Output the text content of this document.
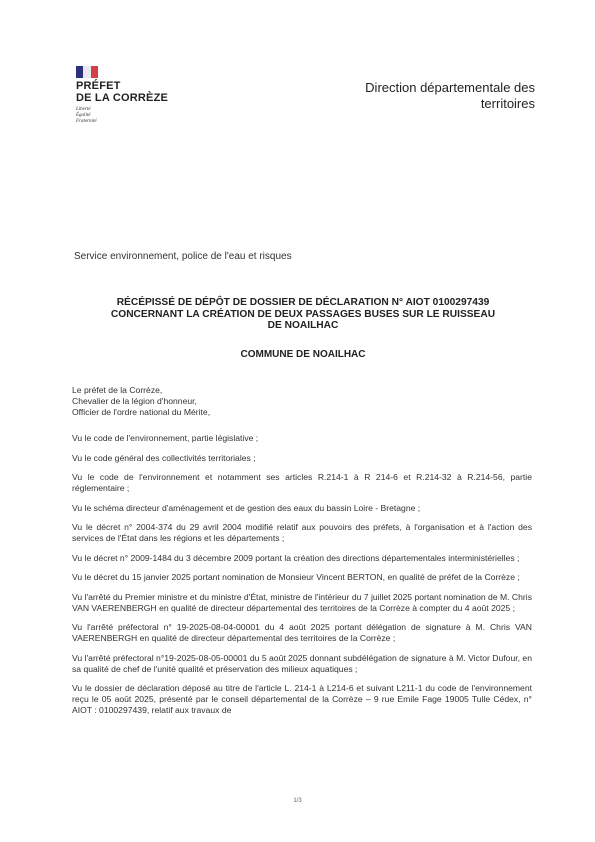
PRÉFET
DE LA CORRÈZE
Liberté
Égalité
Fraternité
Direction départementale des
territoires
Service environnement, police de l'eau et risques
RÉCÉPISSÉ DE DÉPÔT DE DOSSIER DE DÉCLARATION N° AIOT 0100297439
CONCERNANT LA CRÉATION DE DEUX PASSAGES BUSES SUR LE RUISSEAU
DE NOAILHAC
COMMUNE DE NOAILHAC
Le préfet de la Corrèze,
Chevalier de la légion d'honneur,
Officier de l'ordre national du Mérite,

Vu le code de l'environnement, partie législative ;

Vu le code général des collectivités territoriales ;

Vu le code de l'environnement et notamment ses articles R.214-1 à R 214-6 et R.214-32 à R.214-56, partie réglementaire ;

Vu le schéma directeur d'aménagement et de gestion des eaux du bassin Loire - Bretagne ;

Vu le décret n° 2004-374 du 29 avril 2004 modifié relatif aux pouvoirs des préfets, à l'organisation et à l'action des services de l'État dans les régions et les départements ;

Vu le décret n° 2009-1484 du 3 décembre 2009 portant la création des directions départementales interministérielles ;

Vu le décret du 15 janvier 2025 portant nomination de Monsieur Vincent BERTON, en qualité de préfet de la Corrèze ;

Vu l'arrêté du Premier ministre et du ministre d'État, ministre de l'intérieur du 7 juillet 2025 portant nomination de M. Chris VAN VAERENBERGH en qualité de directeur départemental des territoires de la Corrèze à compter du 4 août 2025 ;

Vu l'arrêté préfectoral n° 19-2025-08-04-00001 du 4 août 2025 portant délégation de signature à M. Chris VAN VAERENBERGH en qualité de directeur départemental des territoires de la Corrèze ;

Vu l'arrêté préfectoral n°19-2025-08-05-00001 du 5 août 2025 donnant subdélégation de signature à M. Victor Dufour, en sa qualité de chef de l'unité qualité et préservation des milieux aquatiques ;

Vu le dossier de déclaration déposé au titre de l'article L. 214-1 à L214-6 et suivant L211-1 du code de l'environnement reçu le 05 août 2025, présenté par le conseil départemental de la Corrèze – 9 rue Emile Fage 19005 Tulle Cédex, n° AIOT : 0100297439, relatif aux travaux de

1/3
